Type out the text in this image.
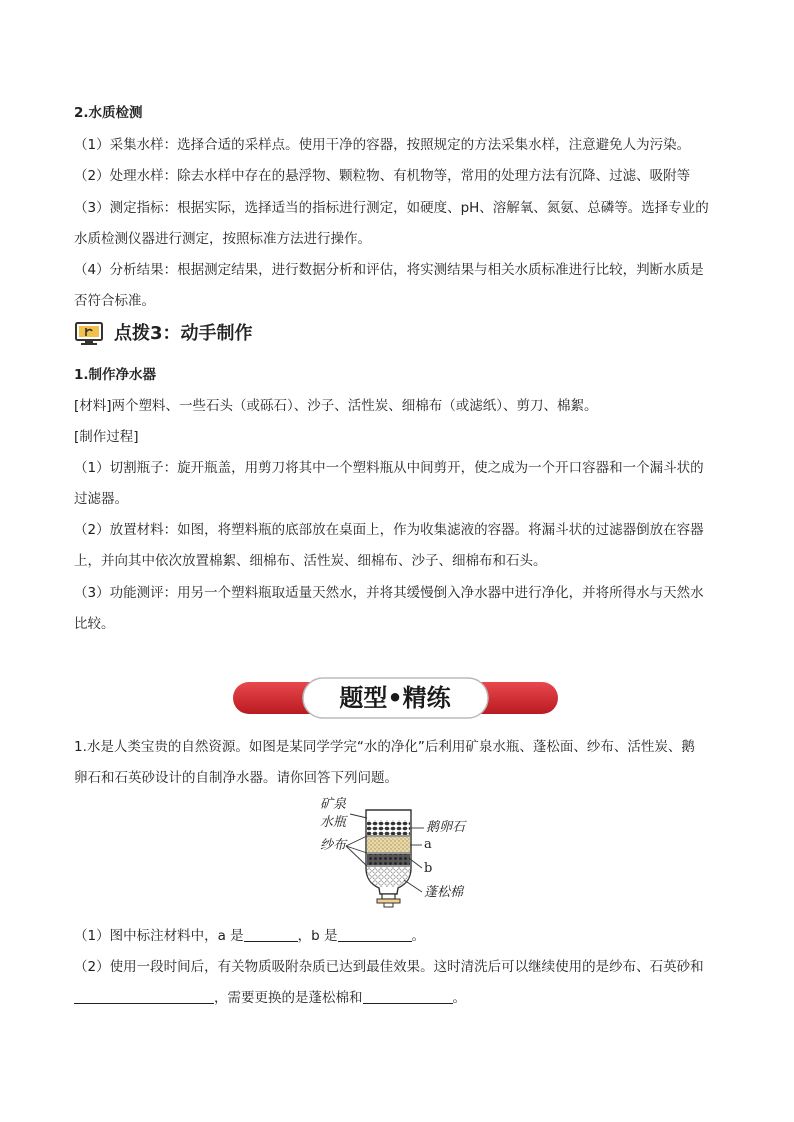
2.水质检测
（1）采集水样：选择合适的采样点。使用干净的容器，按照规定的方法采集水样，注意避免人为污染。
（2）处理水样：除去水样中存在的悬浮物、颗粒物、有机物等，常用的处理方法有沉降、过滤、吸附等
（3）测定指标：根据实际，选择适当的指标进行测定，如硬度、pH、溶解氧、氮氨、总磷等。选择专业的
水质检测仪器进行测定，按照标准方法进行操作。
（4）分析结果：根据测定结果，进行数据分析和评估，将实测结果与相关水质标准进行比较，判断水质是
否符合标准。
点拨3：动手制作
1.制作净水器
[材料]两个塑料、一些石头（或砾石）、沙子、活性炭、细棉布（或滤纸）、剪刀、棉絮。
[制作过程]
（1）切割瓶子：旋开瓶盖，用剪刀将其中一个塑料瓶从中间剪开，使之成为一个开口容器和一个漏斗状的
过滤器。
（2）放置材料：如图，将塑料瓶的底部放在桌面上，作为收集滤液的容器。将漏斗状的过滤器倒放在容器
上，并向其中依次放置棉絮、细棉布、活性炭、细棉布、沙子、细棉布和石头。
（3）功能测评：用另一个塑料瓶取适量天然水，并将其缓慢倒入净水器中进行净化，并将所得水与天然水
比较。
题型•精练
1.水是人类宝贵的自然资源。如图是某同学学完“水的净化”后利用矿泉水瓶、蓬松面、纱布、活性炭、鹅
卵石和石英砂设计的自制净水器。请你回答下列问题。
矿泉
水瓶
纱布
鹅卵石
a
b
蓬松棉
（1）图中标注材料中，a 是	，b 是	。
（2）使用一段时间后，有关物质吸附杂质已达到最佳效果。这时清洗后可以继续使用的是纱布、石英砂和
，需要更换的是蓬松棉和	。
